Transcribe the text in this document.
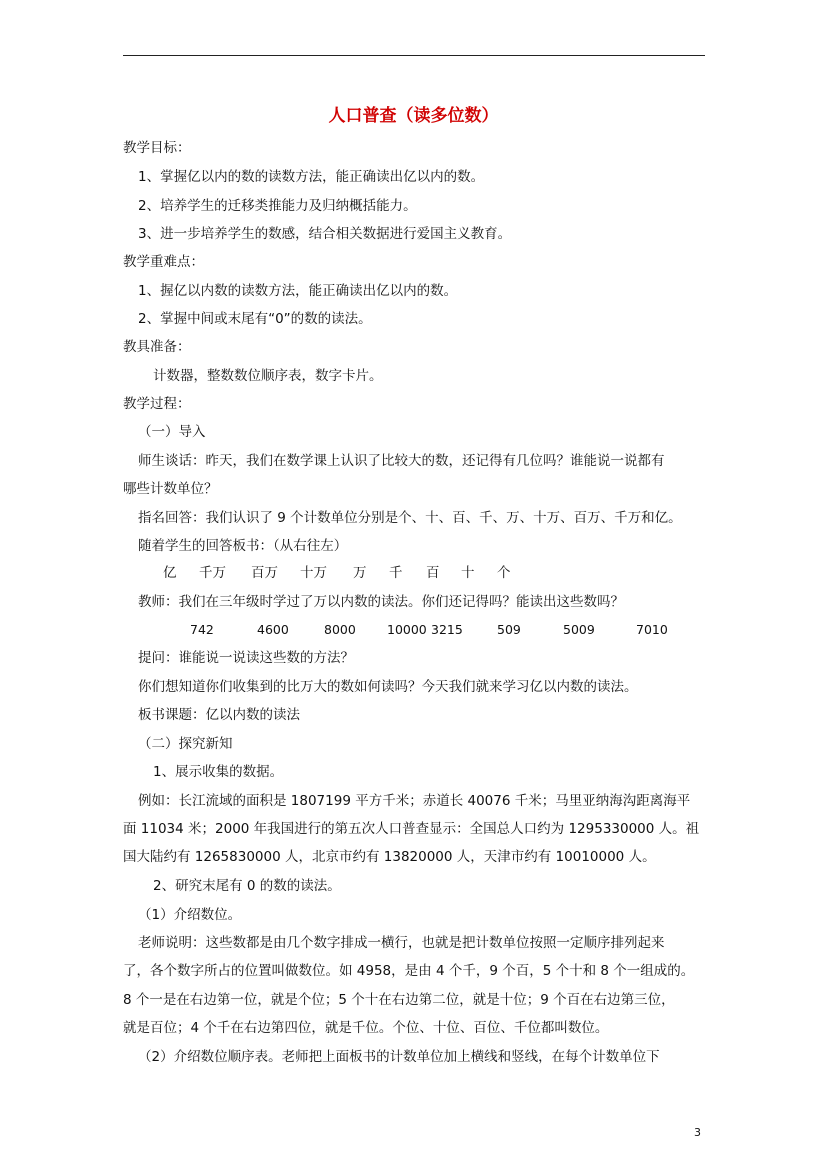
人口普查（读多位数）
教学目标：
1、掌握亿以内的数的读数方法，能正确读出亿以内的数。
2、培养学生的迁移类推能力及归纳概括能力。
3、进一步培养学生的数感，结合相关数据进行爱国主义教育。
教学重难点：
1、握亿以内数的读数方法，能正确读出亿以内的数。
2、掌握中间或末尾有“0”的数的读法。
教具准备：
计数器，整数数位顺序表，数字卡片。
教学过程：
（一）导入
师生谈话：昨天，我们在数学课上认识了比较大的数，还记得有几位吗？谁能说一说都有
哪些计数单位？
指名回答：我们认识了 9 个计数单位分别是个、十、百、千、万、十万、百万、千万和亿。
随着学生的回答板书：（从右往左）
亿 千万 百万 十万 万 千 百 十 个
教师：我们在三年级时学过了万以内数的读法。你们还记得吗？能读出这些数吗？
742	4600	8000 10000 3215	509	5009	7010
提问：谁能说一说读这些数的方法？
你们想知道你们收集到的比万大的数如何读吗？今天我们就来学习亿以内数的读法。
板书课题：亿以内数的读法
（二）探究新知
1、展示收集的数据。
例如：长江流域的面积是 1807199 平方千米；赤道长 40076 千米；马里亚纳海沟距离海平
面 11034 米；2000 年我国进行的第五次人口普查显示：全国总人口约为 1295330000 人。祖
国大陆约有 1265830000 人，北京市约有 13820000 人，天津市约有 10010000 人。
2、研究末尾有 0 的数的读法。
（1）介绍数位。
老师说明：这些数都是由几个数字排成一横行，也就是把计数单位按照一定顺序排列起来
了，各个数字所占的位置叫做数位。如 4958，是由 4 个千，9 个百，5 个十和 8 个一组成的。
8 个一是在右边第一位，就是个位；5 个十在右边第二位，就是十位；9 个百在右边第三位，
就是百位；4 个千在右边第四位，就是千位。个位、十位、百位、千位都叫数位。
（2）介绍数位顺序表。老师把上面板书的计数单位加上横线和竖线，在每个计数单位下
3
